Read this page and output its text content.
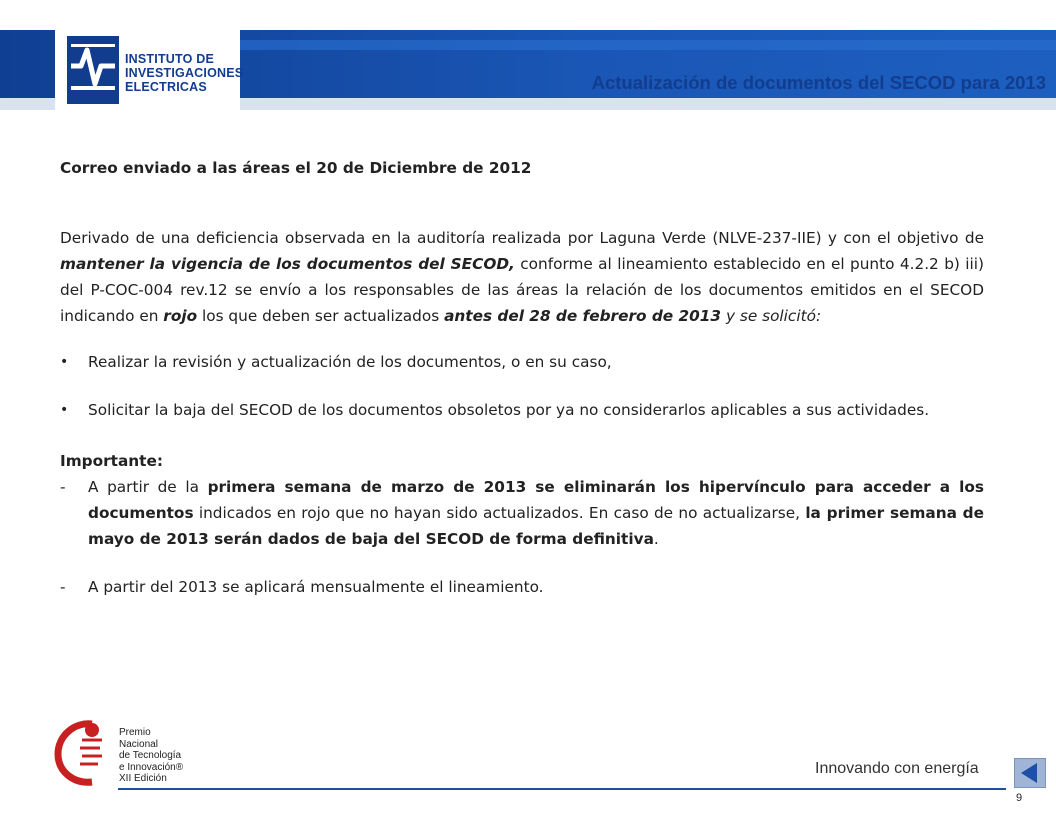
INSTITUTO DE
INVESTIGACIONES
ELECTRICAS	Actualización de documentos del SECOD para 2013

Correo enviado a las áreas el 20 de Diciembre de 2012

Derivado de una deficiencia observada en la auditoría realizada por Laguna Verde (NLVE-237-IIE) y con el objetivo de mantener la vigencia de los documentos del SECOD, conforme al lineamiento establecido en el punto 4.2.2 b) iii) del P-COC-004 rev.12 se envío a los responsables de las áreas la relación de los documentos emitidos en el SECOD indicando en rojo los que deben ser actualizados antes del 28 de febrero de 2013 y se solicitó:

• Realizar la revisión y actualización de los documentos, o en su caso,
• Solicitar la baja del SECOD de los documentos obsoletos por ya no considerarlos aplicables a sus actividades.

Importante:

- A partir de la primera semana de marzo de 2013 se eliminarán los hipervínculo para acceder a los documentos indicados en rojo que no hayan sido actualizados. En caso de no actualizarse, la primer semana de mayo de 2013 serán dados de baja del SECOD de forma definitiva.
- A partir del 2013 se aplicará mensualmente el lineamiento.
Premio
Nacional
de Tecnología
e Innovación®
XII Edición
Innovando con energía
9
